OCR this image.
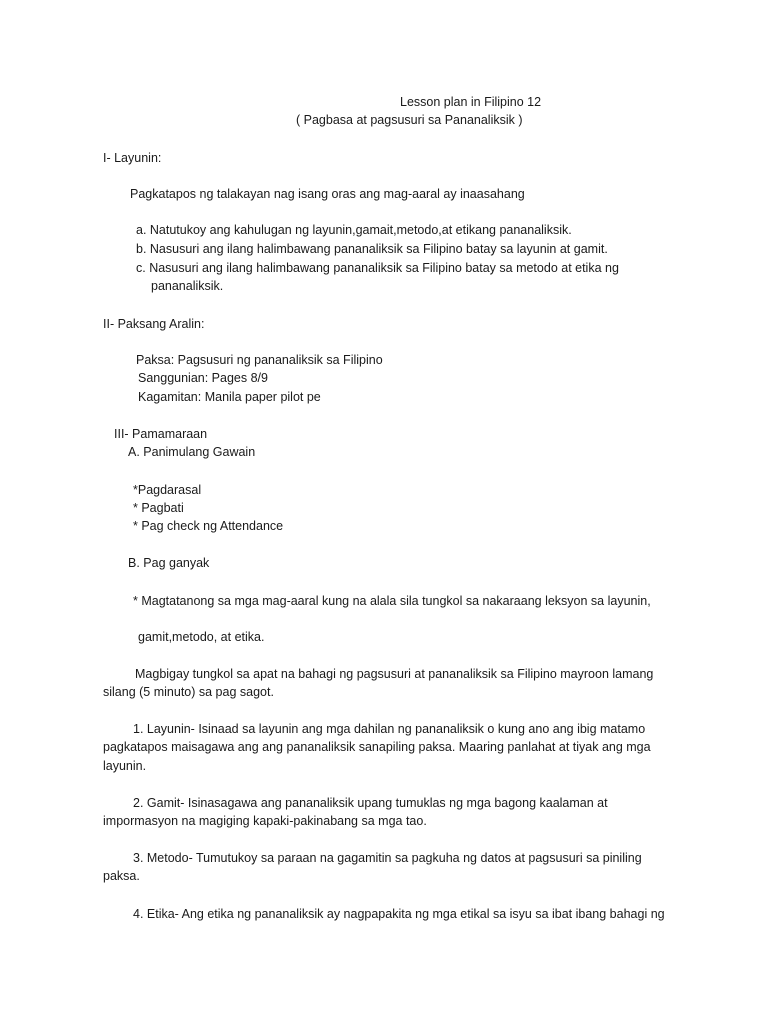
Lesson plan in Filipino 12
( Pagbasa at pagsusuri sa Pananaliksik )
I- Layunin:
Pagkatapos ng talakayan nag isang oras ang mag-aaral ay inaasahang
a. Natutukoy ang kahulugan ng layunin,gamait,metodo,at etikang pananaliksik.
b. Nasusuri ang ilang halimbawang pananaliksik sa Filipino batay sa layunin at gamit.
c. Nasusuri ang ilang halimbawang pananaliksik sa Filipino batay sa metodo at etika ng
pananaliksik.
II- Paksang Aralin:
Paksa: Pagsusuri ng pananaliksik sa Filipino
Sanggunian: Pages 8/9
Kagamitan: Manila paper pilot pe
III- Pamamaraan
A. Panimulang Gawain
*Pagdarasal
* Pagbati
* Pag check ng Attendance
B. Pag ganyak
* Magtatanong sa mga mag-aaral kung na alala sila tungkol sa nakaraang leksyon sa layunin,
gamit,metodo, at etika.
Magbigay tungkol sa apat na bahagi ng pagsusuri at pananaliksik sa Filipino mayroon lamang
silang (5 minuto) sa pag sagot.
1. Layunin- Isinaad sa layunin ang mga dahilan ng pananaliksik o kung ano ang ibig matamo
pagkatapos maisagawa ang ang pananaliksik sanapiling paksa. Maaring panlahat at tiyak ang mga
layunin.
2. Gamit- Isinasagawa ang pananaliksik upang tumuklas ng mga bagong kaalaman at
impormasyon na magiging kapaki-pakinabang sa mga tao.
3. Metodo- Tumutukoy sa paraan na gagamitin sa pagkuha ng datos at pagsusuri sa piniling
paksa.
4. Etika- Ang etika ng pananaliksik ay nagpapakita ng mga etikal sa isyu sa ibat ibang bahagi ng
